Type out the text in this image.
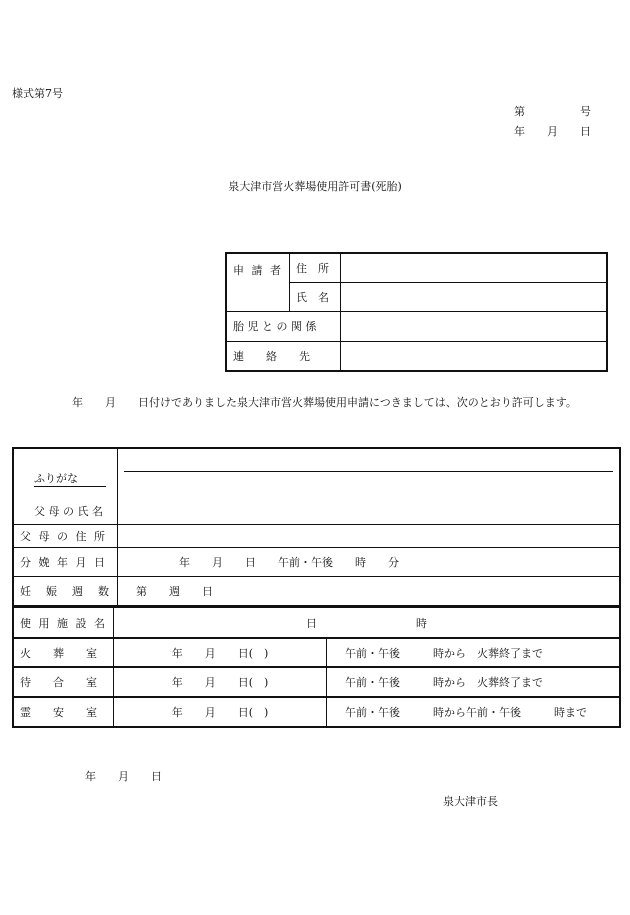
様式第7号
第　　　　　号
年　　月　　日
泉大津市営火葬場使用許可書(死胎)
申 請 者	住　所	
	氏　名	
胎 児 と の 関 係		
連　　絡　　先		
年　　月　　日付けでありました泉大津市営火葬場使用申請につきましては、次のとおり許可します。

ふりがな

父 母 の 氏 名	

父 母 の 住 所	
分 娩 年 月 日	　　　　　年　　月　　日　　午前・午後　　時　　分
妊　娠　週　数	第　　週　　日
使 用 施 設 名	日　　　　　　　　　時	
火　　葬　　室	年　　月　　日(　)	午前・午後　　　時から　火葬終了まで
待　　合　　室	年　　月　　日(　)	午前・午後　　　時から　火葬終了まで
霊　　安　　室	年　　月　　日(　)	午前・午後　　　時から午前・午後　　　時まで
年　　月　　日
泉大津市長
